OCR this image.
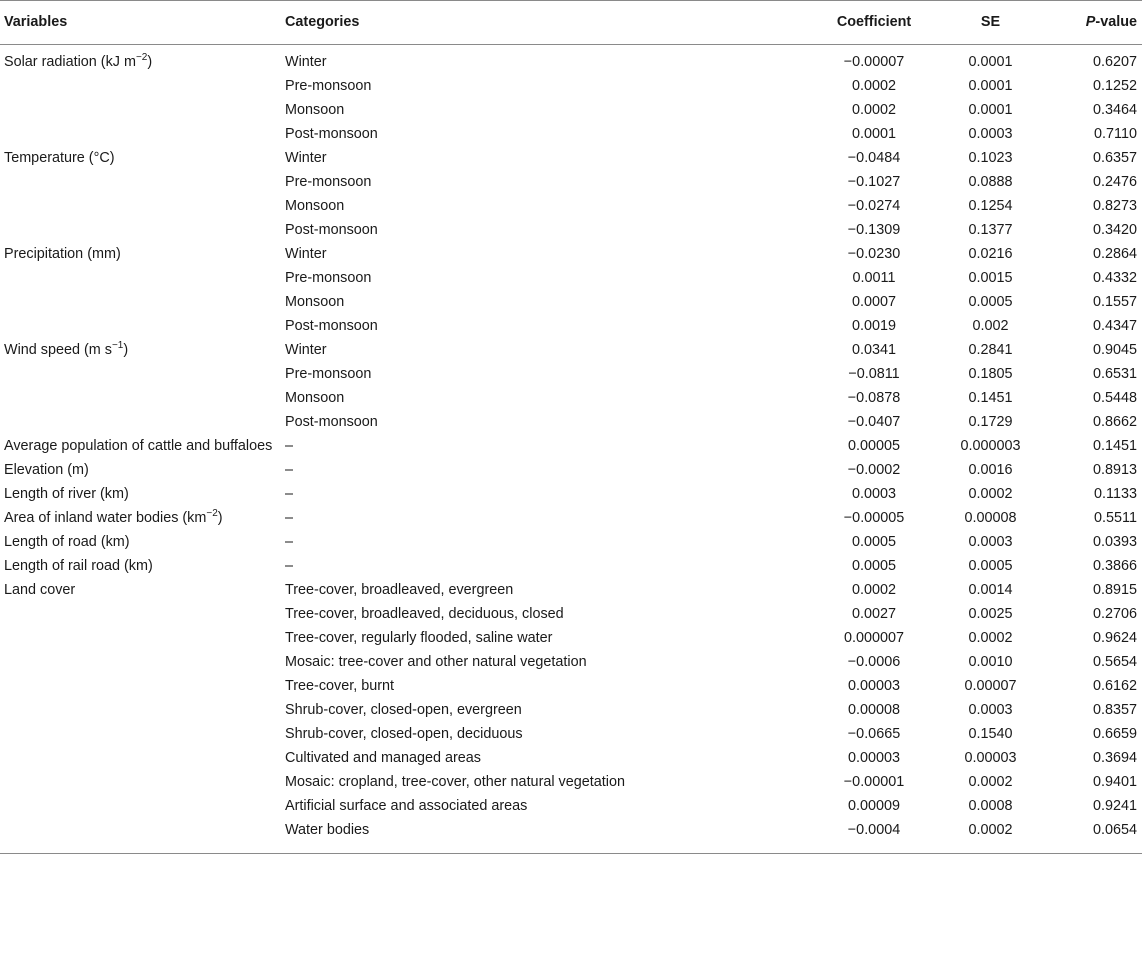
Variables	Categories	Coefficient	SE	P-value
Solar radiation (kJ $m^{-2}$)	Winter	−0.00007	0.0001	0.6207
	Pre-monsoon	0.0002	0.0001	0.1252
	Monsoon	0.0002	0.0001	0.3464
	Post-monsoon	0.0001	0.0003	0.7110
Temperature (°C)	Winter	−0.0484	0.1023	0.6357
	Pre-monsoon	−0.1027	0.0888	0.2476
	Monsoon	−0.0274	0.1254	0.8273
	Post-monsoon	−0.1309	0.1377	0.3420
Precipitation (mm)	Winter	−0.0230	0.0216	0.2864
	Pre-monsoon	0.0011	0.0015	0.4332
	Monsoon	0.0007	0.0005	0.1557
	Post-monsoon	0.0019	0.002	0.4347
Wind speed (m $s^{-1}$)	Winter	0.0341	0.2841	0.9045
	Pre-monsoon	−0.0811	0.1805	0.6531
	Monsoon	−0.0878	0.1451	0.5448
	Post-monsoon	−0.0407	0.1729	0.8662
Average population of cattle and buffaloes	–	0.00005	0.000003	0.1451
Elevation (m)	–	−0.0002	0.0016	0.8913
Length of river (km)	–	0.0003	0.0002	0.1133
Area of inland water bodies $(km^{-2})$	–	−0.00005	0.00008	0.5511
Length of road (km)	–	0.0005	0.0003	0.0393
Length of rail road (km)	–	0.0005	0.0005	0.3866
Land cover	Tree-cover, broadleaved, evergreen	0.0002	0.0014	0.8915
	Tree-cover, broadleaved, deciduous, closed	0.0027	0.0025	0.2706
	Tree-cover, regularly flooded, saline water	0.000007	0.0002	0.9624
	Mosaic: tree-cover and other natural vegetation	−0.0006	0.0010	0.5654
	Tree-cover, burnt	0.00003	0.00007	0.6162
	Shrub-cover, closed-open, evergreen	0.00008	0.0003	0.8357
	Shrub-cover, closed-open, deciduous	−0.0665	0.1540	0.6659
	Cultivated and managed areas	0.00003	0.00003	0.3694
	Mosaic: cropland, tree-cover, other natural vegetation	−0.00001	0.0002	0.9401
	Artificial surface and associated areas	0.00009	0.0008	0.9241
	Water bodies	−0.0004	0.0002	0.0654
